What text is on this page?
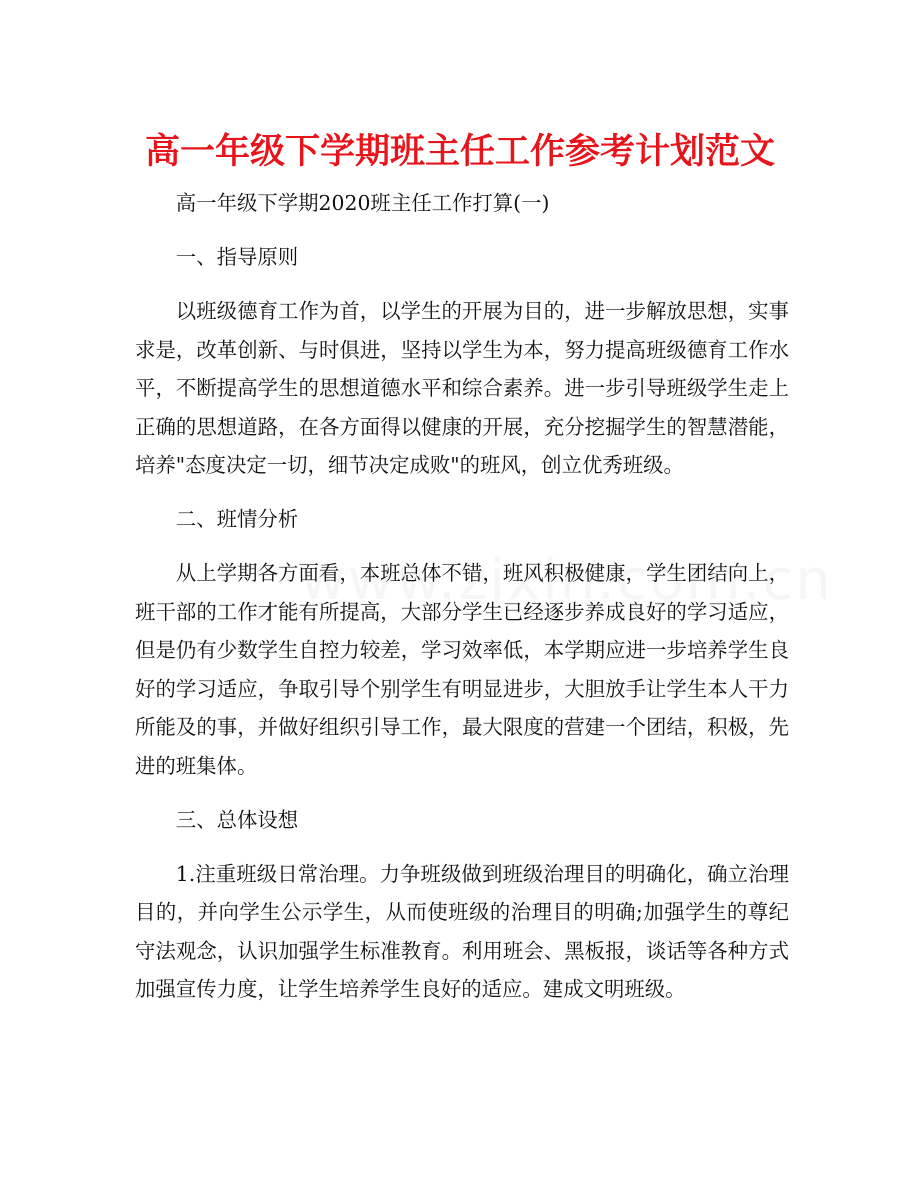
高一年级下学期班主任工作参考计划范文

高一年级下学期2020班主任工作打算(一)

一、指导原则

以班级德育工作为首，以学生的开展为目的，进一步解放思想，实事求是，改革创新、与时俱进，坚持以学生为本，努力提高班级德育工作水平，不断提高学生的思想道德水平和综合素养。进一步引导班级学生走上正确的思想道路，在各方面得以健康的开展，充分挖掘学生的智慧潜能，培养"态度决定一切，细节决定成败"的班风，创立优秀班级。

二、班情分析

从上学期各方面看，本班总体不错，班风积极健康，学生团结向上，班干部的工作才能有所提高，大部分学生已经逐步养成良好的学习适应，但是仍有少数学生自控力较差，学习效率低，本学期应进一步培养学生良好的学习适应，争取引导个别学生有明显进步，大胆放手让学生本人干力所能及的事，并做好组织引导工作，最大限度的营建一个团结，积极，先进的班集体。

三、总体设想

1.注重班级日常治理。力争班级做到班级治理目的明确化，确立治理目的，并向学生公示学生，从而使班级的治理目的明确;加强学生的尊纪守法观念，认识加强学生标准教育。利用班会、黑板报，谈话等各种方式加强宣传力度，让学生培养学生良好的适应。建成文明班级。
